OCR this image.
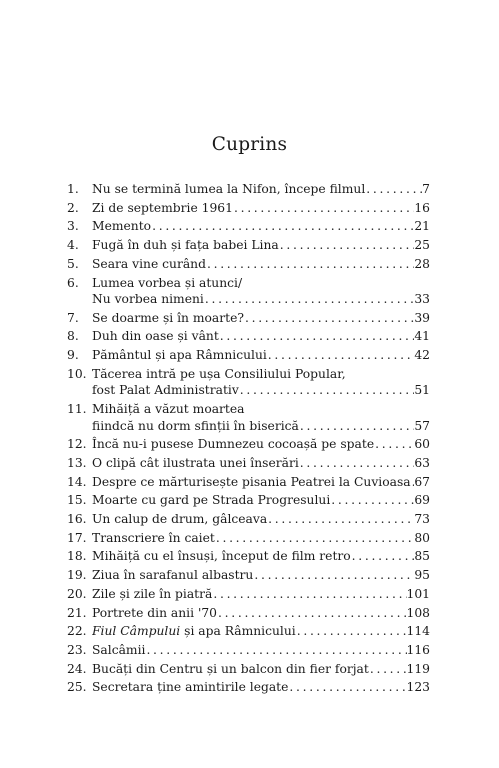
Cuprins
1. Nu se termină lumea la Nifon, începe filmul . . .	7
2. Zi de septembrie 1961 . . .	16
3. Memento . . .	21
4. Fugă în duh și fața babei Lina . . .	25
5. Seara vine curând . . .	28
6. Lumea vorbea și atunci/
Nu vorbea nimeni . . .	33
7. Se doarme și în moarte? . . .	39
8. Duh din oase și vânt . . .	41
9. Pământul și apa Râmnicului . . .	42
10. Tăcerea intră pe ușa Consiliului Popular,
fost Palat Administrativ . . .	51
11. Mihăiță a văzut moartea
fiindcă nu dorm sfinții în biserică . . .	57
12. Încă nu-i pusese Dumnezeu cocoașă pe spate . . .	60
13. O clipă cât ilustrata unei înserări . . .	63
14. Despre ce mărturisește pisania Peatrei la Cuvioasa . . . 67
15. Moarte cu gard pe Strada Progresului . . .	69
16. Un calup de drum, gâlceava . . .	73
17. Transcriere în caiet . . .	80
18. Mihăiță cu el însuși, început de film retro . . .	85
19. Ziua în sarafanul albastru . . .	95
20. Zile și zile în piatră . . .	101
21. Portrete din anii '70 . . .	108
22. Fiul Câmpului și apa Râmnicului . . .	114
23. Salcâmii . . .	116
24. Bucăți din Centru și un balcon din fier forjat . . .	119
25. Secretara ține amintirile legate . . .	123
